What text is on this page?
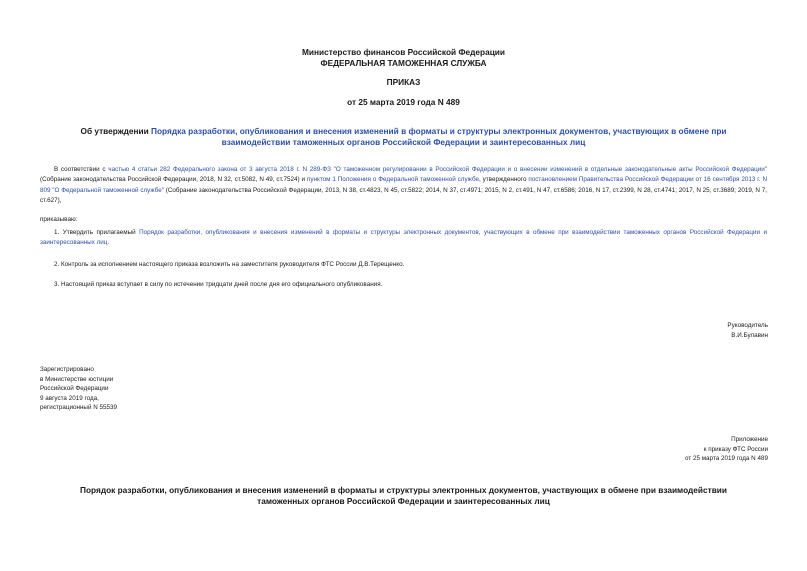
Министерство финансов Российской Федерации
ФЕДЕРАЛЬНАЯ ТАМОЖЕННАЯ СЛУЖБА
ПРИКАЗ
от 25 марта 2019 года N 489
Об утверждении Порядка разработки, опубликования и внесения изменений в форматы и структуры электронных документов, участвующих в обмене при
взаимодействии таможенных органов Российской Федерации и заинтересованных лиц
В соответствии с частью 4 статьи 282 Федерального закона от 3 августа 2018 г. N 289-ФЗ "О таможенном регулировании в Российской Федерации и о внесении изменений в отдельные законодательные акты Российской Федерации" (Собрание законодательства Российской Федерации, 2018, N 32, ст.5082, N 49, ст.7524) и пунктом 1 Положения о Федеральной таможенной службе, утвержденного постановлением Правительства Российской Федерации от 16 сентября 2013 г. N 809 "О Федеральной таможенной службе" (Собрание законодательства Российской Федерации, 2013, N 38, ст.4823, N 45, ст.5822; 2014, N 37, ст.4971; 2015, N 2, ст.491, N 47, ст.6586; 2016, N 17, ст.2399, N 28, ст.4741; 2017, N 25, ст.3689; 2019, N 7, ст.627),
приказываю:
1. Утвердить прилагаемый Порядок разработки, опубликования и внесения изменений в форматы и структуры электронных документов, участвующих в обмене при взаимодействии таможенных органов Российской Федерации и заинтересованных лиц.
2. Контроль за исполнением настоящего приказа возложить на заместителя руководителя ФТС России Д.В.Терещенко.
3. Настоящий приказ вступает в силу по истечении тридцати дней после дня его официального опубликования.
Руководитель
В.И.Булавин
Зарегистрировано
в Министерстве юстиции
Российской Федерации
9 августа 2019 года,
регистрационный N 55539
Приложение
к приказу ФТС России
от 25 марта 2019 года N 489
Порядок разработки, опубликования и внесения изменений в форматы и структуры электронных документов, участвующих в обмене при взаимодействии
таможенных органов Российской Федерации и заинтересованных лиц
